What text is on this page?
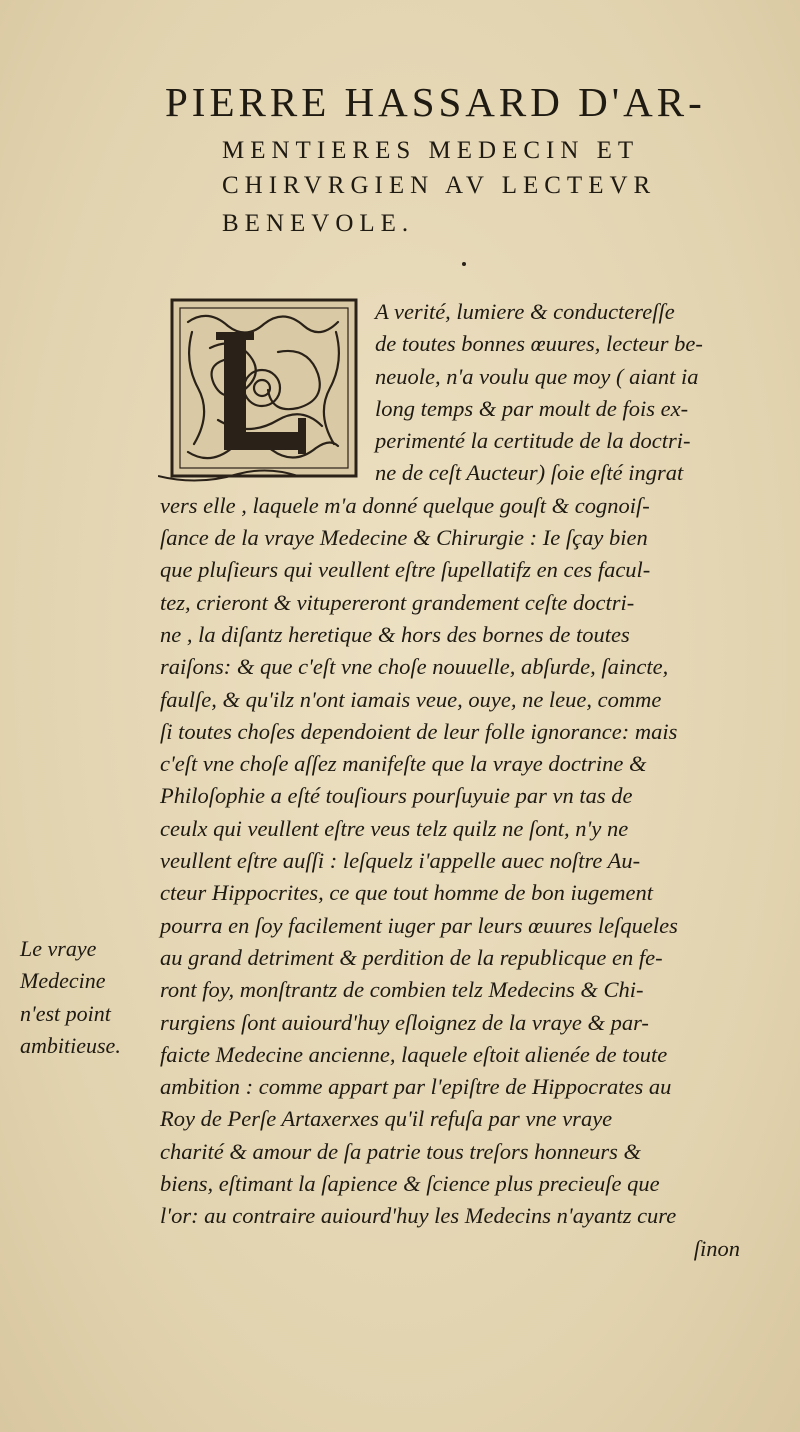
PIERRE HASSARD D'AR-
MENTIERES MEDECIN ET
CHIRVRGIEN AV LECTEVR
BENEVOLE.
A verité, lumiere & conductereſſe
de toutes bonnes œuures, lecteur be-
neuole, n'a voulu que moy ( aiant ia
long temps & par moult de fois ex-
perimenté la certitude de la doctri-
ne de ceſt Aucteur) ſoie eſté ingrat
vers elle , laquele m'a donné quelque gouſt & cognoiſ-
ſance de la vraye Medecine & Chirurgie : Ie ſçay bien
que pluſieurs qui veullent eſtre ſupellatifz en ces facul-
tez, crieront & vitupereront grandement ceſte doctri-
ne , la diſantz heretique & hors des bornes de toutes
raiſons: & que c'eſt vne choſe nouuelle, abſurde, ſaincte,
faulſe, & qu'ilz n'ont iamais veue, ouye, ne leue, comme
ſi toutes choſes dependoient de leur folle ignorance: mais
c'eſt vne choſe aſſez manifeſte que la vraye doctrine &
Philoſophie a eſté touſiours pourſuyuie par vn tas de
ceulx qui veullent eſtre veus telz quilz ne ſont, n'y ne
veullent eſtre auſſi : leſquelz i'appelle auec noſtre Au-
cteur Hippocrites, ce que tout homme de bon iugement
pourra en ſoy facilement iuger par leurs œuures leſqueles
au grand detriment & perdition de la republicque en fe-
ront foy, monſtrantz de combien telz Medecins & Chi-
rurgiens ſont auiourd'huy eſloignez de la vraye & par-
faicte Medecine ancienne, laquele eſtoit alienée de toute
ambition : comme appart par l'epiſtre de Hippocrates au
Roy de Perſe Artaxerxes qu'il refuſa par vne vraye
charité & amour de ſa patrie tous treſors honneurs &
biens, eſtimant la ſapience & ſcience plus precieuſe que
l'or: au contraire auiourd'huy les Medecins n'ayantz cure
ſinon
Le vraye
Medecine
n'est point
ambitieuse.
